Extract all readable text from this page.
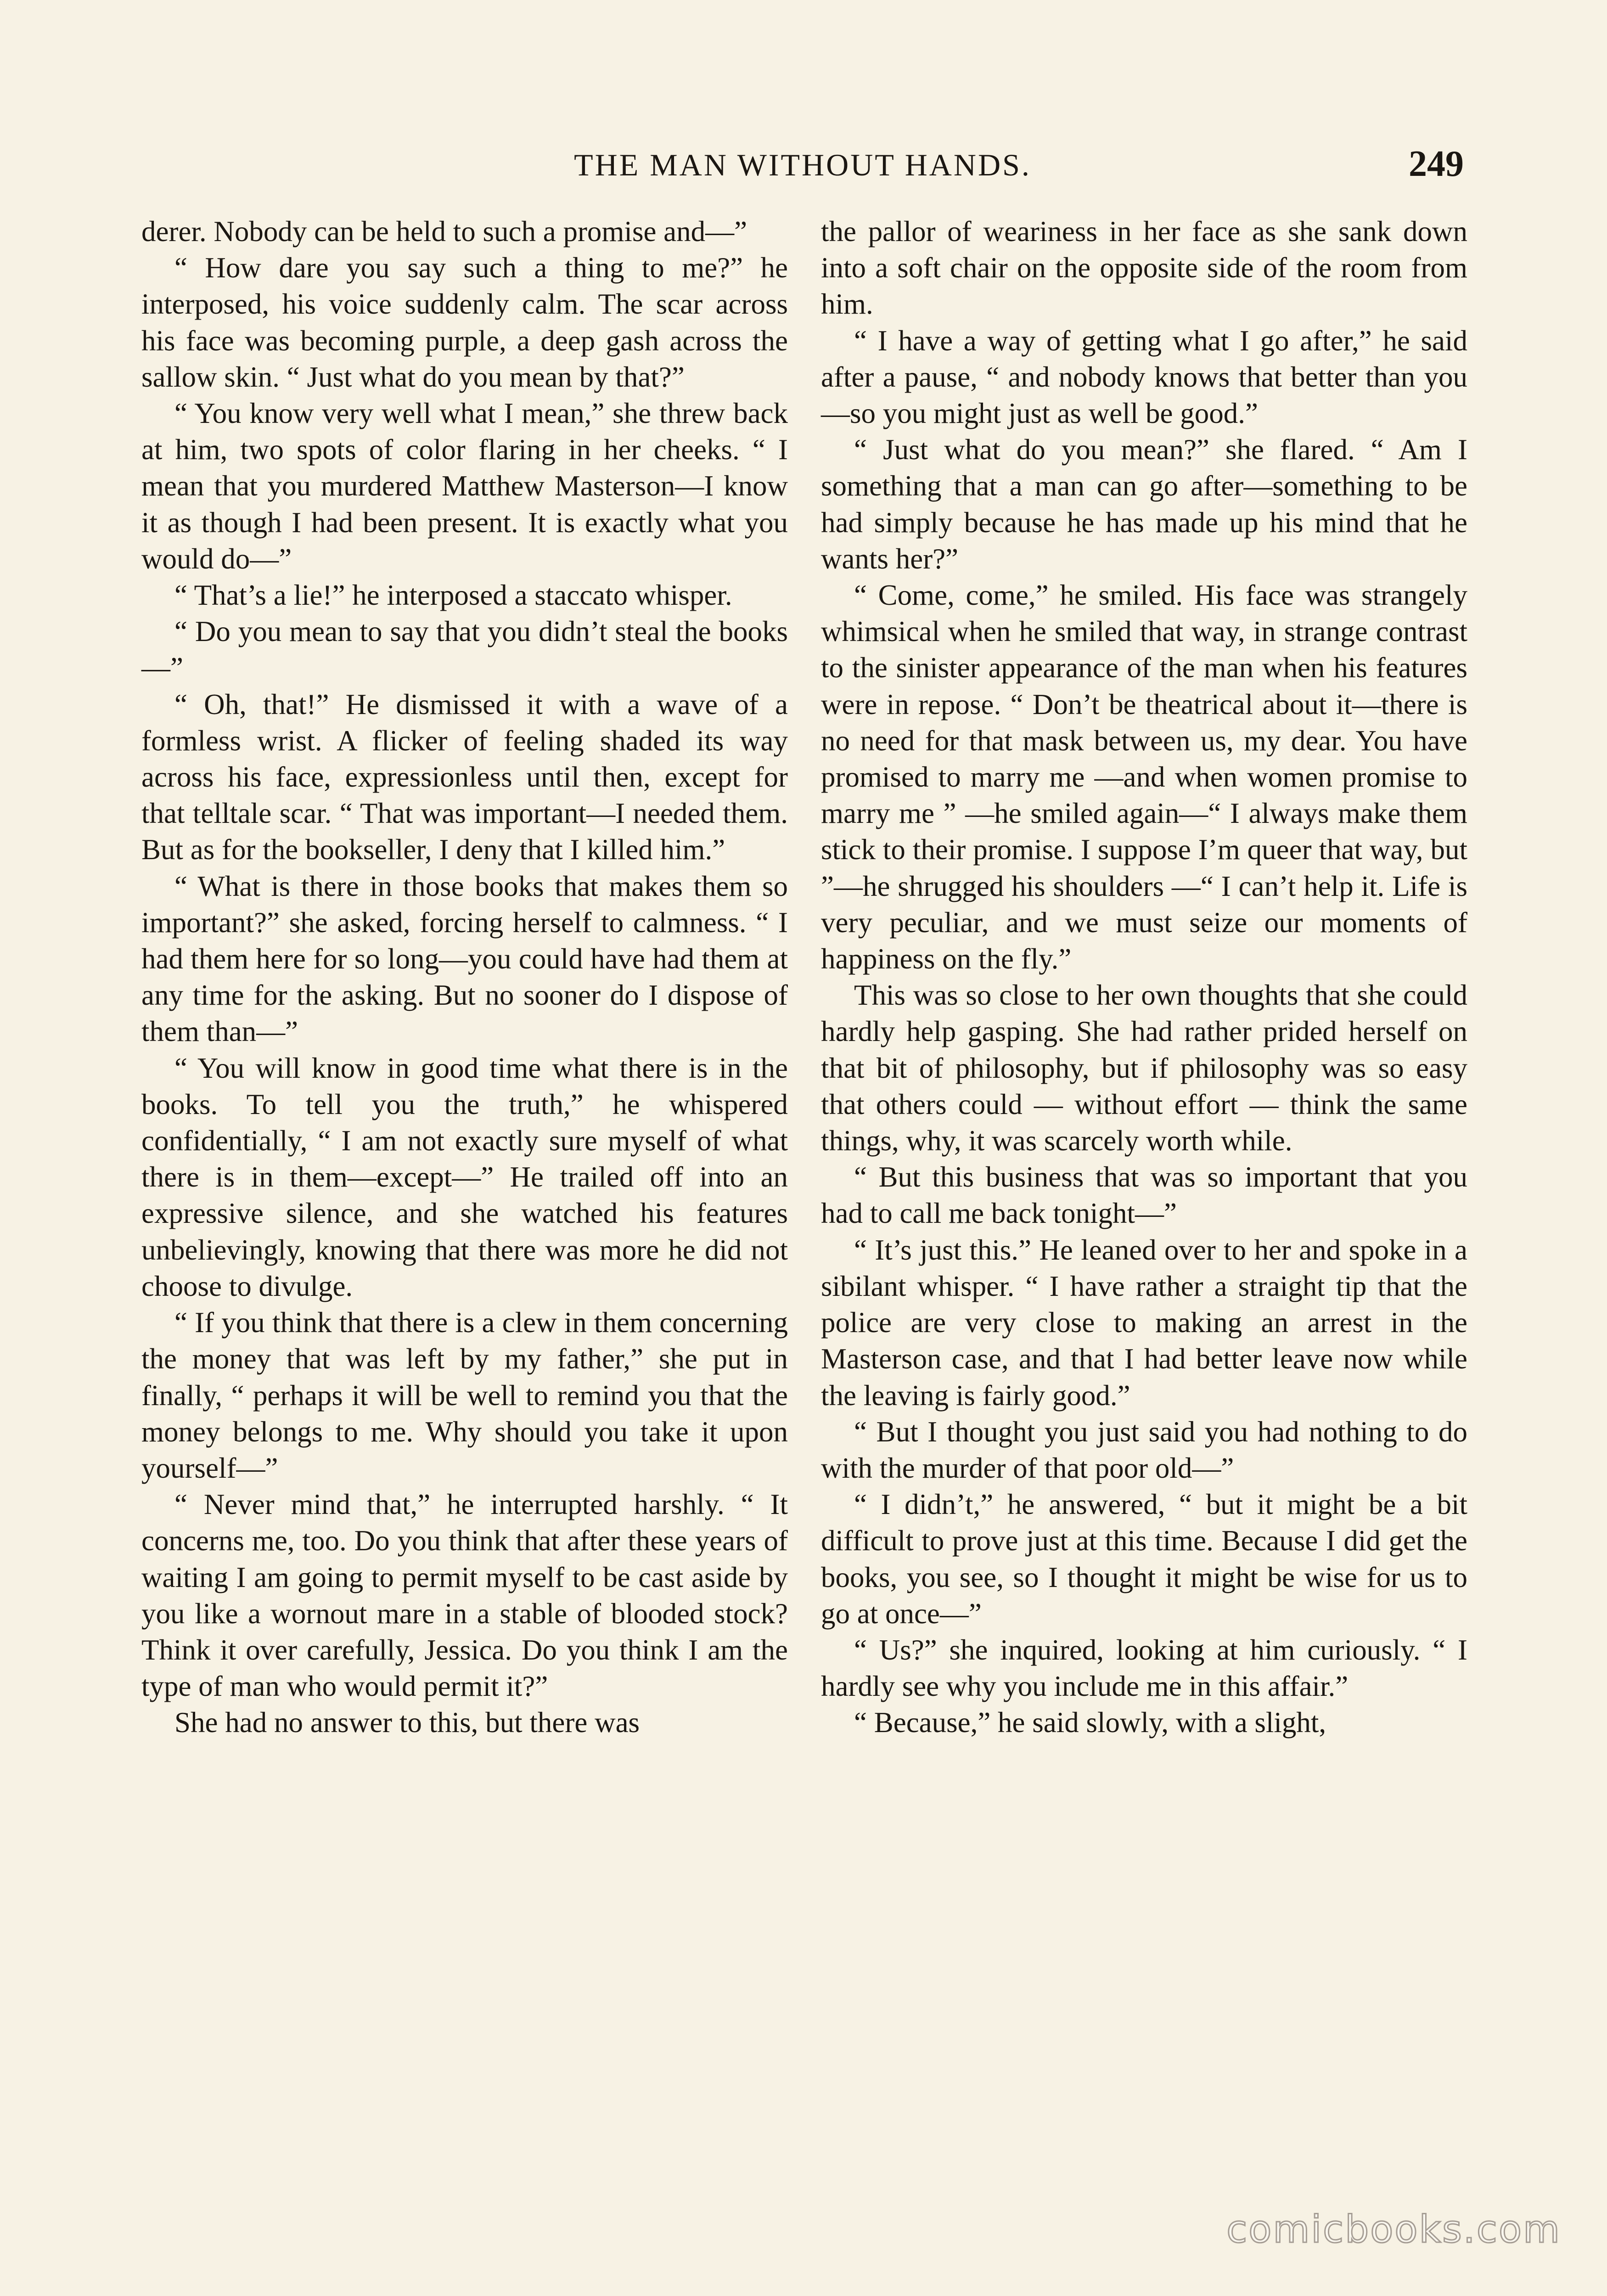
THE MAN WITHOUT HANDS.	249

derer. Nobody can be held to such a promise and—”

“ How dare you say such a thing to me?” he interposed, his voice suddenly calm. The scar across his face was becoming purple, a deep gash across the sallow skin. “ Just what do you mean by that?”

“ You know very well what I mean,” she threw back at him, two spots of color flaring in her cheeks. “ I mean that you murdered Matthew Masterson—I know it as though I had been present. It is exactly what you would do—”

“ That’s a lie!” he interposed a staccato whisper.

“ Do you mean to say that you didn’t steal the books—”

“ Oh, that!” He dismissed it with a wave of a formless wrist. A flicker of feeling shaded its way across his face, expressionless until then, except for that telltale scar. “ That was important—I needed them. But as for the bookseller, I deny that I killed him.”

“ What is there in those books that makes them so important?” she asked, forcing herself to calmness. “ I had them here for so long—you could have had them at any time for the asking. But no sooner do I dispose of them than—”

“ You will know in good time what there is in the books. To tell you the truth,” he whispered confidentially, “ I am not exactly sure myself of what there is in them—except—” He trailed off into an expressive silence, and she watched his features unbelievingly, knowing that there was more he did not choose to divulge.

“ If you think that there is a clew in them concerning the money that was left by my father,” she put in finally, “ perhaps it will be well to remind you that the money belongs to me. Why should you take it upon yourself—”

“ Never mind that,” he interrupted harshly. “ It concerns me, too. Do you think that after these years of waiting I am going to permit myself to be cast aside by you like a wornout mare in a stable of blooded stock? Think it over carefully, Jessica. Do you think I am the type of man who would permit it?”

She had no answer to this, but there was

the pallor of weariness in her face as she sank down into a soft chair on the opposite side of the room from him.

“ I have a way of getting what I go after,” he said after a pause, “ and nobody knows that better than you—so you might just as well be good.”

“ Just what do you mean?” she flared. “ Am I something that a man can go after—something to be had simply because he has made up his mind that he wants her?”

“ Come, come,” he smiled. His face was strangely whimsical when he smiled that way, in strange contrast to the sinister appearance of the man when his features were in repose. “ Don’t be theatrical about it—there is no need for that mask between us, my dear. You have promised to marry me —and when women promise to marry me ” —he smiled again—“ I always make them stick to their promise. I suppose I’m queer that way, but ”—he shrugged his shoulders —“ I can’t help it. Life is very peculiar, and we must seize our moments of happiness on the fly.”

This was so close to her own thoughts that she could hardly help gasping. She had rather prided herself on that bit of philosophy, but if philosophy was so easy that others could — without effort — think the same things, why, it was scarcely worth while.

“ But this business that was so important that you had to call me back tonight—”

“ It’s just this.” He leaned over to her and spoke in a sibilant whisper. “ I have rather a straight tip that the police are very close to making an arrest in the Masterson case, and that I had better leave now while the leaving is fairly good.”

“ But I thought you just said you had nothing to do with the murder of that poor old—”

“ I didn’t,” he answered, “ but it might be a bit difficult to prove just at this time. Because I did get the books, you see, so I thought it might be wise for us to go at once—”

“ Us?” she inquired, looking at him curiously. “ I hardly see why you include me in this affair.”

“ Because,” he said slowly, with a slight,

comicbooks.com
